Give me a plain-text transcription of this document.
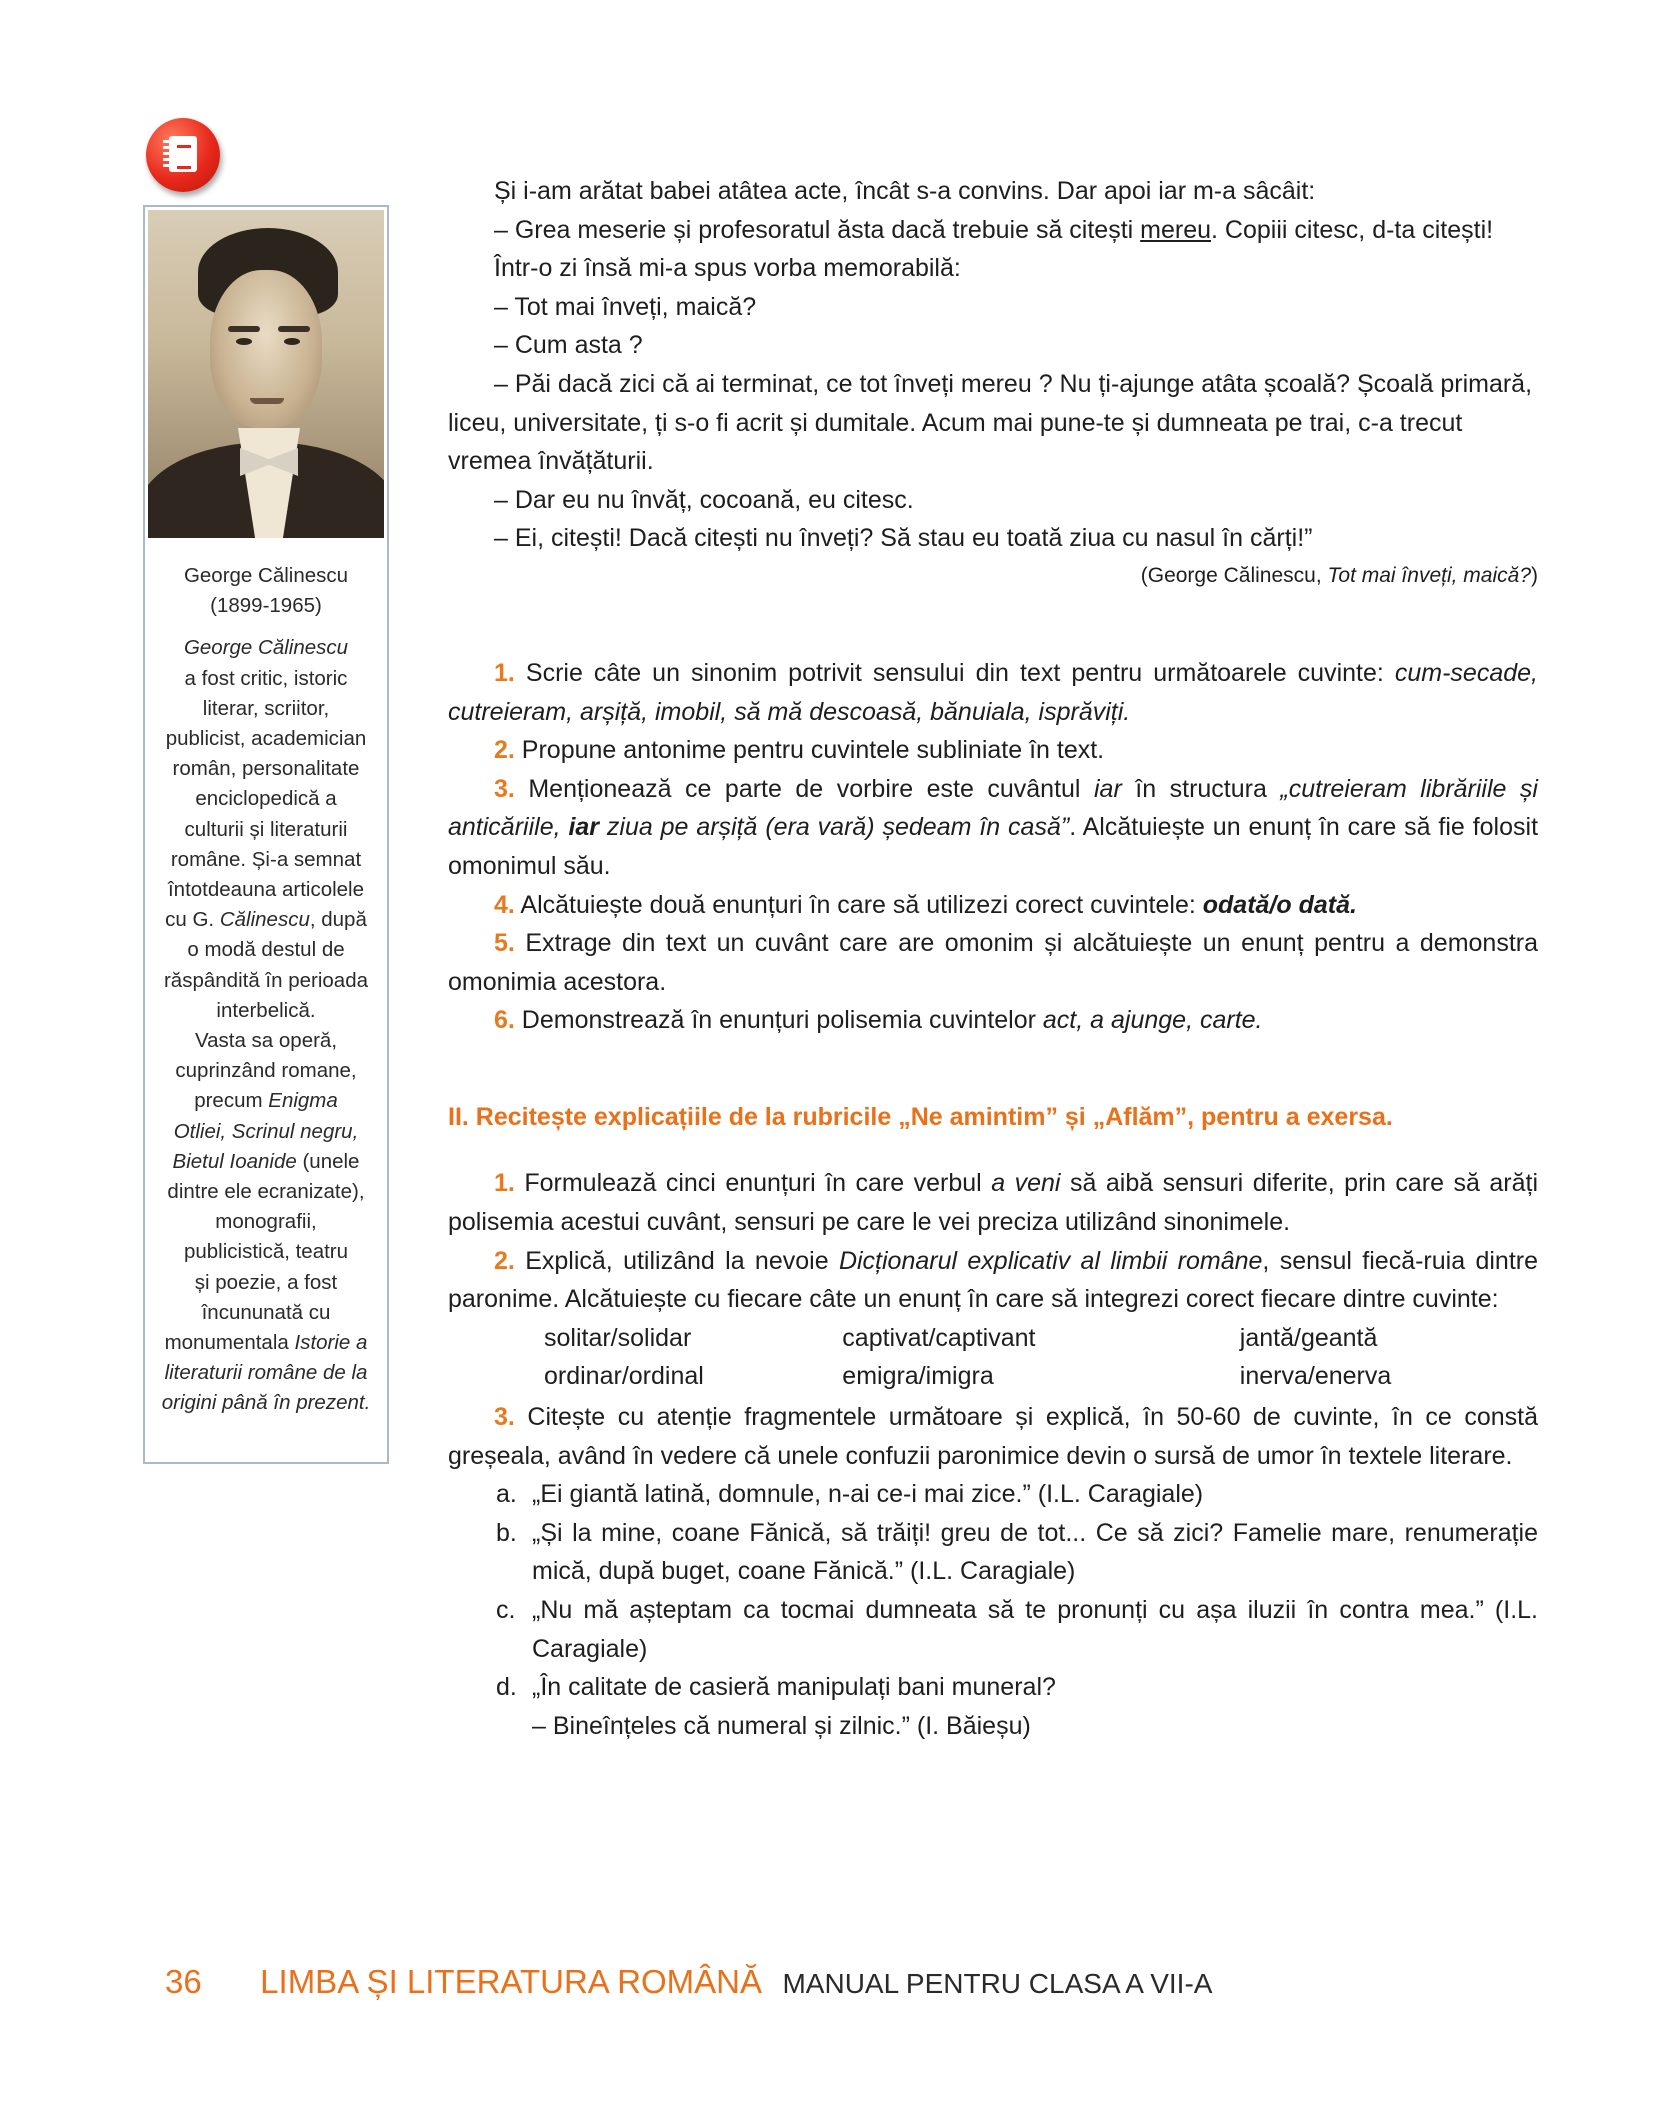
George Călinescu

(1899-1965)

George Călinescu

a fost critic, istoric

literar, scriitor,

publicist, academician

român, personalitate

enciclopedică a

culturii și literaturii

române. Și-a semnat

întotdeauna articolele

cu G. Călinescu, după

o modă destul de

răspândită în perioada

interbelică.

Vasta sa operă,

cuprinzând romane,

precum Enigma

Otliei, Scrinul negru,

Bietul Ioanide (unele

dintre ele ecranizate),

monografii,

publicistică, teatru

și poezie, a fost

încununată cu

monumentala Istorie a

literaturii române de la

origini până în prezent.

Și i-am arătat babei atâtea acte, încât s-a convins. Dar apoi iar m-a sâcâit:

– Grea meserie și profesoratul ăsta dacă trebuie să citești mereu. Copiii citesc, d-ta citești!

Într-o zi însă mi-a spus vorba memorabilă:

– Tot mai înveți, maică?

– Cum asta ?

– Păi dacă zici că ai terminat, ce tot înveți mereu ? Nu ți-ajunge atâta școală? Școală primară, liceu, universitate, ți s-o fi acrit și dumitale. Acum mai pune-te și dumneata pe trai, c-a trecut vremea învățăturii.

– Dar eu nu învăț, cocoană, eu citesc.

– Ei, citești! Dacă citești nu înveți? Să stau eu toată ziua cu nasul în cărți!”

(George Călinescu, Tot mai înveți, maică?)

1. Scrie câte un sinonim potrivit sensului din text pentru următoarele cuvinte: cum-secade, cutreieram, arșiță, imobil, să mă descoasă, bănuiala, isprăviți.

2. Propune antonime pentru cuvintele subliniate în text.

3. Menționează ce parte de vorbire este cuvântul iar în structura „cutreieram librăriile și anticăriile, iar ziua pe arșiță (era vară) ședeam în casă”. Alcătuiește un enunț în care să fie folosit omonimul său.

4. Alcătuiește două enunțuri în care să utilizezi corect cuvintele: odată/o dată.

5. Extrage din text un cuvânt care are omonim și alcătuiește un enunț pentru a demonstra omonimia acestora.

6. Demonstrează în enunțuri polisemia cuvintelor act, a ajunge, carte.

II. Recitește explicațiile de la rubricile „Ne amintim” și „Aflăm”, pentru a exersa.

1. Formulează cinci enunțuri în care verbul a veni să aibă sensuri diferite, prin care să arăți polisemia acestui cuvânt, sensuri pe care le vei preciza utilizând sinonimele.

2. Explică, utilizând la nevoie Dicționarul explicativ al limbii române, sensul fiecă-ruia dintre paronime. Alcătuiește cu fiecare câte un enunț în care să integrezi corect fiecare dintre cuvinte:

solitar/solidar	captivat/captivant	jantă/geantă
ordinar/ordinal	emigra/imigra	inerva/enerva

3. Citește cu atenție fragmentele următoare și explică, în 50-60 de cuvinte, în ce constă greșeala, având în vedere că unele confuzii paronimice devin o sursă de umor în textele literare.

a. „Ei giantă latină, domnule, n-ai ce-i mai zice.” (I.L. Caragiale)
b. „Și la mine, coane Fănică, să trăiți! greu de tot... Ce să zici? Famelie mare, renumerație mică, după buget, coane Fănică.” (I.L. Caragiale)
c. „Nu mă așteptam ca tocmai dumneata să te pronunți cu așa iluzii în contra mea.” (I.L. Caragiale)
d. „În calitate de casieră manipulați bani muneral?
– Bineînțeles că numeral și zilnic.” (I. Băieșu)
36 LIMBA ȘI LITERATURA ROMÂNĂ MANUAL PENTRU CLASA A VII-A
